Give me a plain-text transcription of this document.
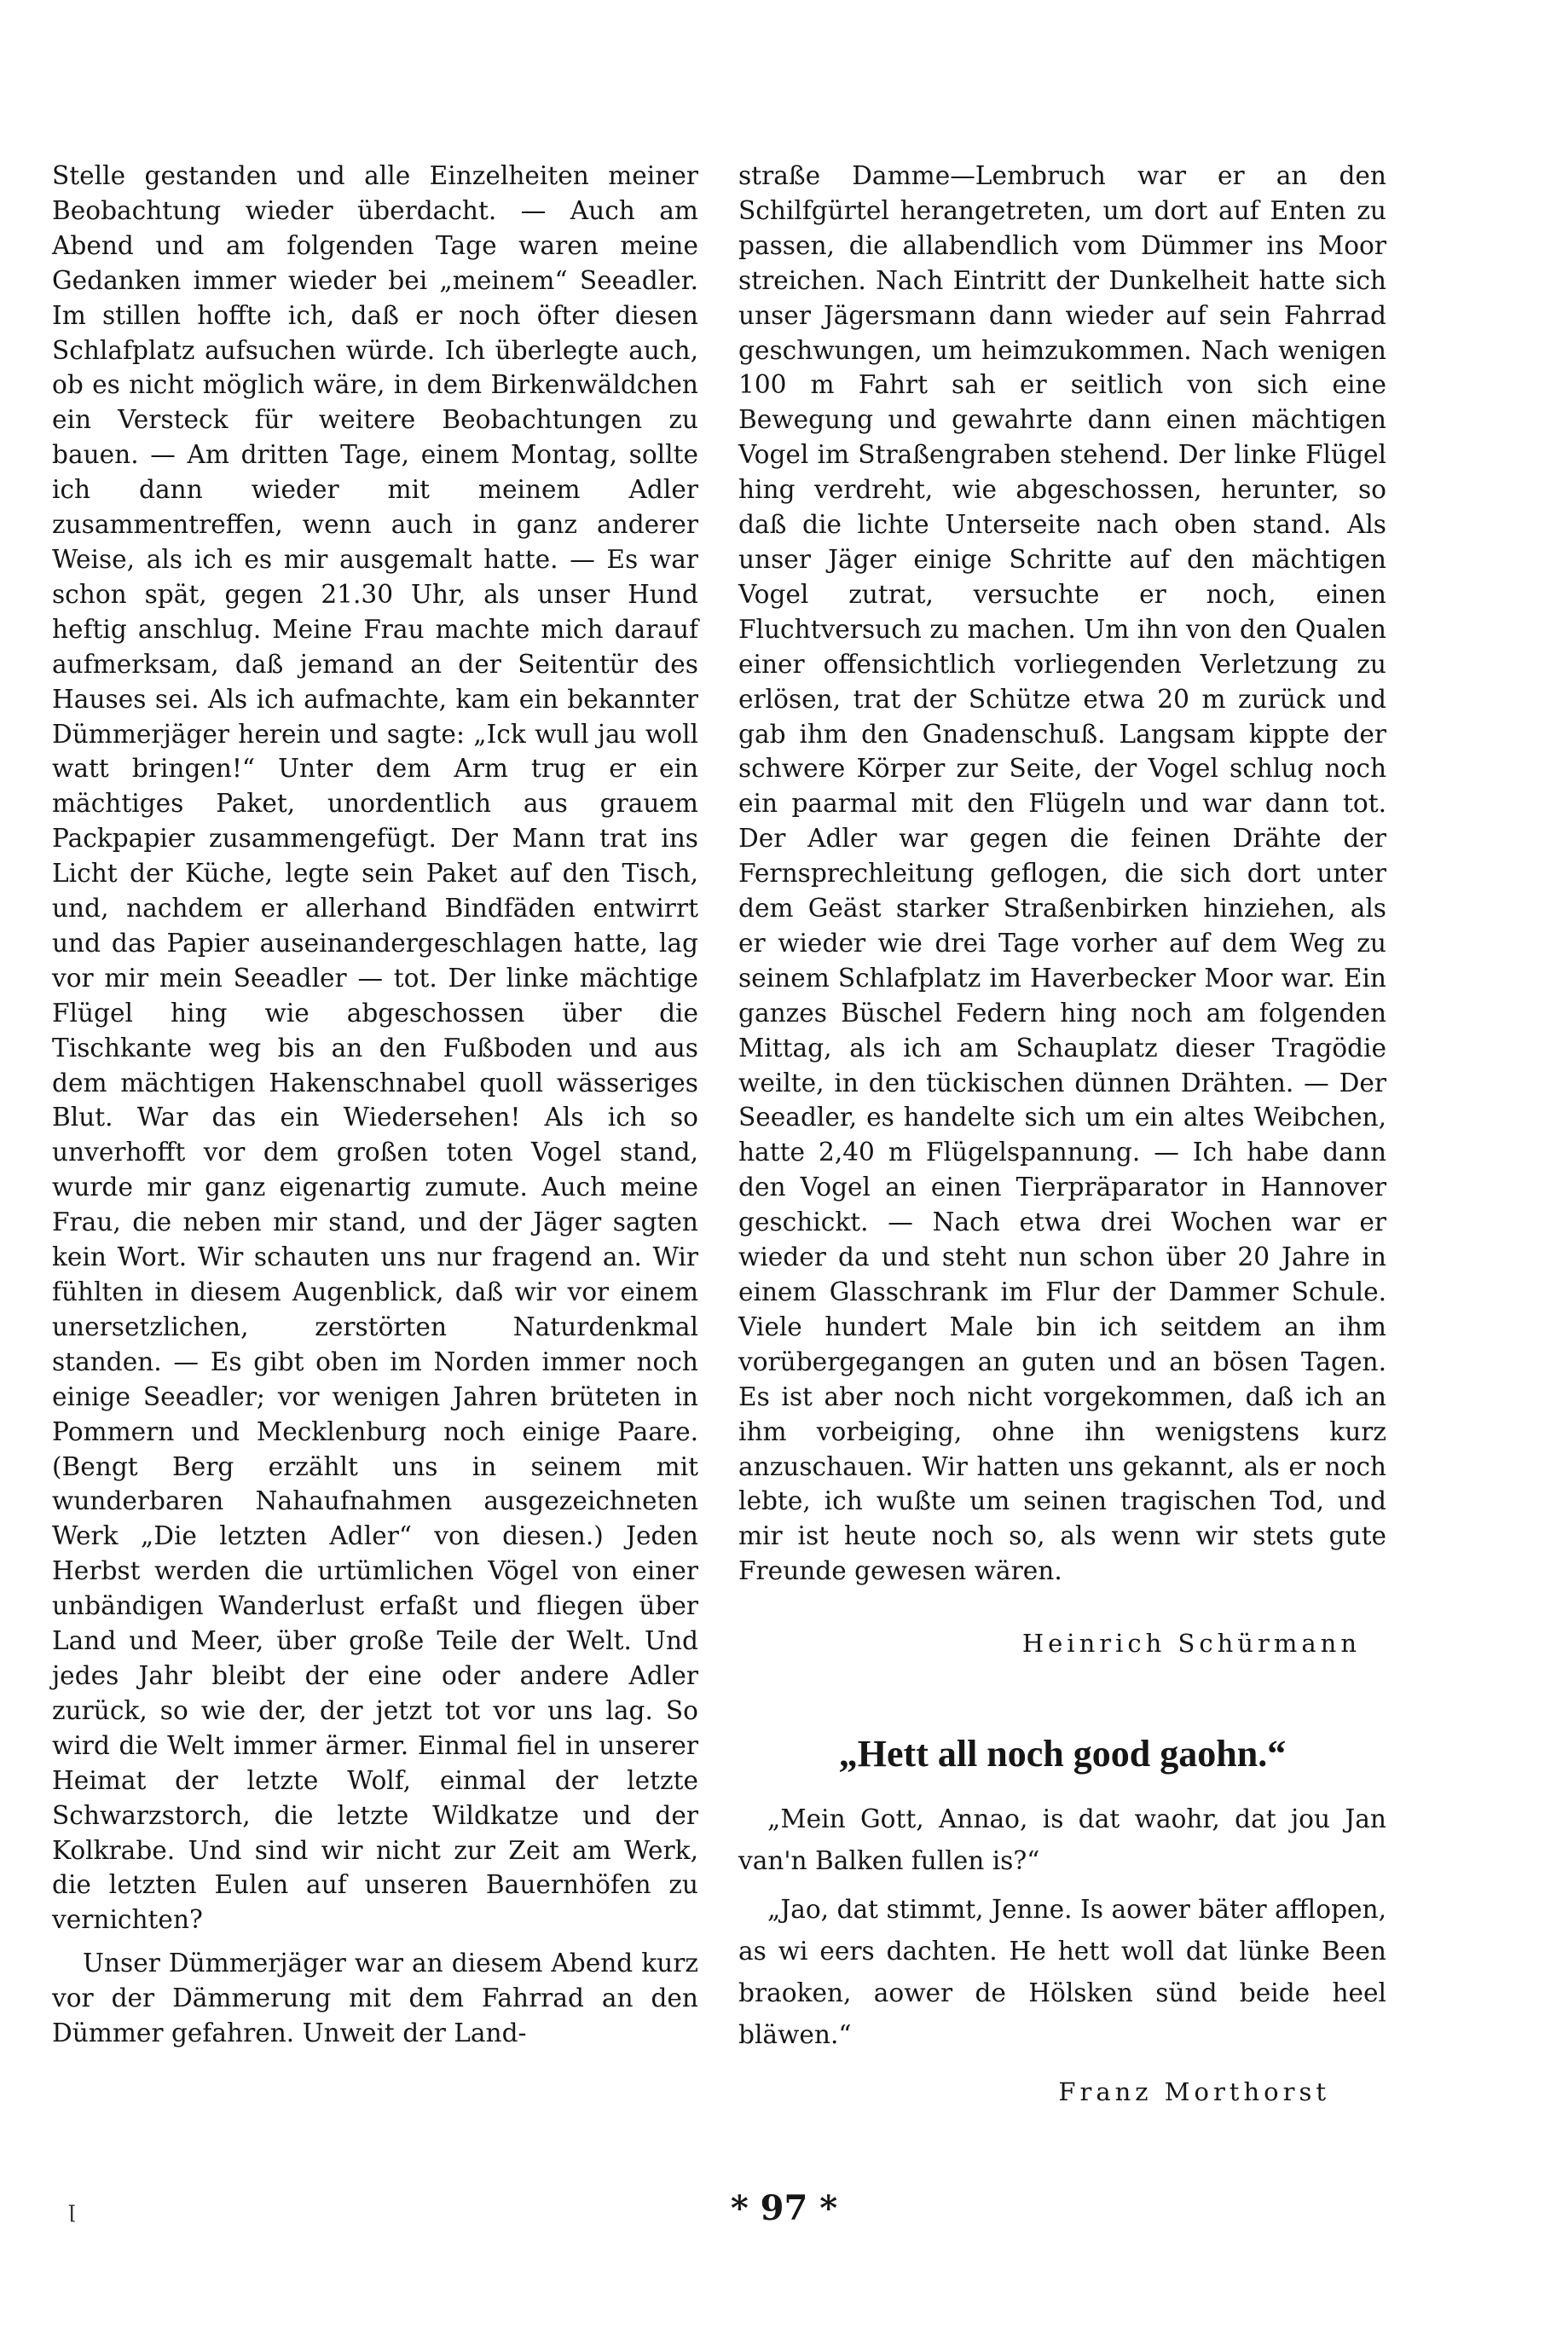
Stelle gestanden und alle Einzelheiten meiner Beobachtung wieder überdacht. — Auch am Abend und am folgenden Tage waren meine Gedanken immer wieder bei „meinem“ Seeadler. Im stillen hoffte ich, daß er noch öfter diesen Schlafplatz aufsuchen würde. Ich überlegte auch, ob es nicht möglich wäre, in dem Birkenwäldchen ein Versteck für weitere Beobachtungen zu bauen. — Am dritten Tage, einem Montag, sollte ich dann wieder mit meinem Adler zusammentreffen, wenn auch in ganz anderer Weise, als ich es mir ausgemalt hatte. — Es war schon spät, gegen 21.30 Uhr, als unser Hund heftig anschlug. Meine Frau machte mich darauf aufmerksam, daß jemand an der Seitentür des Hauses sei. Als ich aufmachte, kam ein bekannter Dümmerjäger herein und sagte: „Ick wull jau woll watt bringen!“ Unter dem Arm trug er ein mächtiges Paket, unordentlich aus grauem Packpapier zusammengefügt. Der Mann trat ins Licht der Küche, legte sein Paket auf den Tisch, und, nachdem er allerhand Bindfäden entwirrt und das Papier auseinandergeschlagen hatte, lag vor mir mein Seeadler — tot. Der linke mächtige Flügel hing wie abgeschossen über die Tischkante weg bis an den Fußboden und aus dem mächtigen Hakenschnabel quoll wässeriges Blut. War das ein Wiedersehen! Als ich so unverhofft vor dem großen toten Vogel stand, wurde mir ganz eigenartig zumute. Auch meine Frau, die neben mir stand, und der Jäger sagten kein Wort. Wir schauten uns nur fragend an. Wir fühlten in diesem Augenblick, daß wir vor einem unersetzlichen, zerstörten Naturdenkmal standen. — Es gibt oben im Norden immer noch einige Seeadler; vor wenigen Jahren brüteten in Pommern und Mecklenburg noch einige Paare. (Bengt Berg erzählt uns in seinem mit wunderbaren Nahaufnahmen ausgezeichneten Werk „Die letzten Adler“ von diesen.) Jeden Herbst werden die urtümlichen Vögel von einer unbändigen Wanderlust erfaßt und fliegen über Land und Meer, über große Teile der Welt. Und jedes Jahr bleibt der eine oder andere Adler zurück, so wie der, der jetzt tot vor uns lag. So wird die Welt immer ärmer. Einmal fiel in unserer Heimat der letzte Wolf, einmal der letzte Schwarzstorch, die letzte Wildkatze und der Kolkrabe. Und sind wir nicht zur Zeit am Werk, die letzten Eulen auf unseren Bauernhöfen zu vernichten?

Unser Dümmerjäger war an diesem Abend kurz vor der Dämmerung mit dem Fahrrad an den Dümmer gefahren. Unweit der Land-

straße Damme—Lembruch war er an den Schilfgürtel herangetreten, um dort auf Enten zu passen, die allabendlich vom Dümmer ins Moor streichen. Nach Eintritt der Dunkelheit hatte sich unser Jägersmann dann wieder auf sein Fahrrad geschwungen, um heimzukommen. Nach wenigen 100 m Fahrt sah er seitlich von sich eine Bewegung und gewahrte dann einen mächtigen Vogel im Straßengraben stehend. Der linke Flügel hing verdreht, wie abgeschossen, herunter, so daß die lichte Unterseite nach oben stand. Als unser Jäger einige Schritte auf den mächtigen Vogel zutrat, versuchte er noch, einen Fluchtversuch zu machen. Um ihn von den Qualen einer offensichtlich vorliegenden Verletzung zu erlösen, trat der Schütze etwa 20 m zurück und gab ihm den Gnadenschuß. Langsam kippte der schwere Körper zur Seite, der Vogel schlug noch ein paarmal mit den Flügeln und war dann tot. Der Adler war gegen die feinen Drähte der Fernsprechleitung geflogen, die sich dort unter dem Geäst starker Straßenbirken hinziehen, als er wieder wie drei Tage vorher auf dem Weg zu seinem Schlafplatz im Haverbecker Moor war. Ein ganzes Büschel Federn hing noch am folgenden Mittag, als ich am Schauplatz dieser Tragödie weilte, in den tückischen dünnen Drähten. — Der Seeadler, es handelte sich um ein altes Weibchen, hatte 2,40 m Flügelspannung. — Ich habe dann den Vogel an einen Tierpräparator in Hannover geschickt. — Nach etwa drei Wochen war er wieder da und steht nun schon über 20 Jahre in einem Glasschrank im Flur der Dammer Schule. Viele hundert Male bin ich seitdem an ihm vorübergegangen an guten und an bösen Tagen. Es ist aber noch nicht vorgekommen, daß ich an ihm vorbeiging, ohne ihn wenigstens kurz anzuschauen. Wir hatten uns gekannt, als er noch lebte, ich wußte um seinen tragischen Tod, und mir ist heute noch so, als wenn wir stets gute Freunde gewesen wären.

Heinrich Schürmann
„Hett all noch good gaohn.“

„Mein Gott, Annao, is dat waohr, dat jou Jan van'n Balken fullen is?“

„Jao, dat stimmt, Jenne. Is aower bäter afflopen, as wi eers dachten. He hett woll dat lünke Been braoken, aower de Hölsken sünd beide heel bläwen.“

Franz Morthorst
ꞁ	* 97 *
